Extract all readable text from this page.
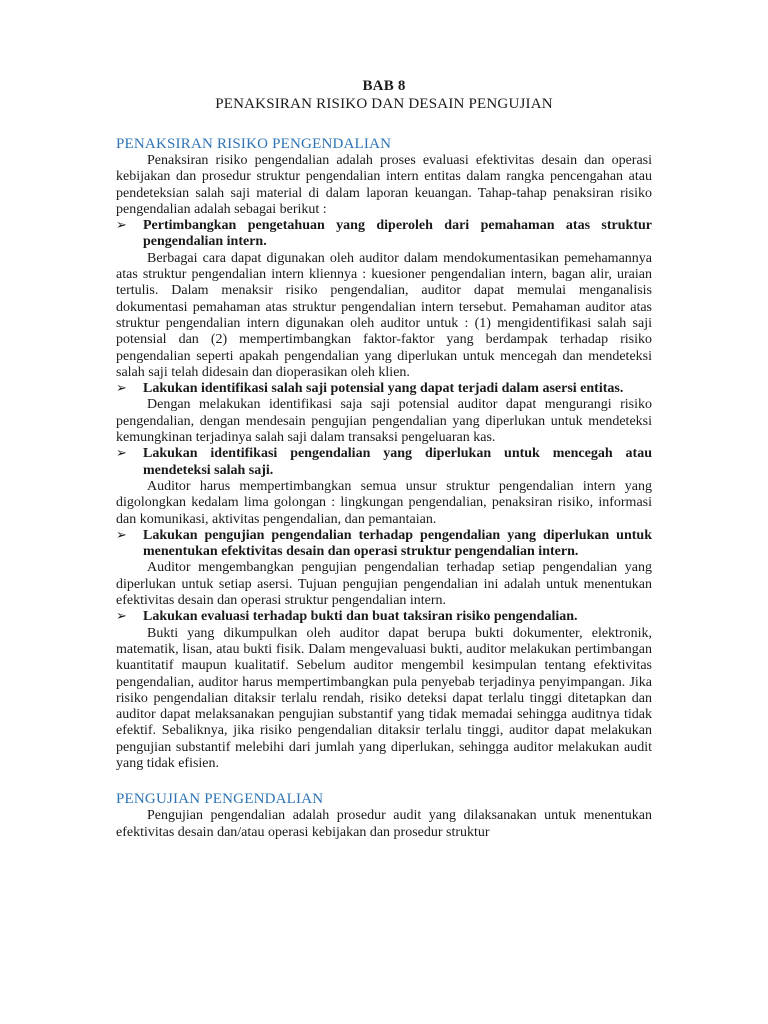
BAB 8
PENAKSIRAN RISIKO DAN DESAIN PENGUJIAN
PENAKSIRAN RISIKO PENGENDALIAN

Penaksiran risiko pengendalian adalah proses evaluasi efektivitas desain dan operasi kebijakan dan prosedur struktur pengendalian intern entitas dalam rangka pencengahan atau pendeteksian salah saji material di dalam laporan keuangan. Tahap-tahap penaksiran risiko pengendalian adalah sebagai berikut :

➢	Pertimbangkan pengetahuan yang diperoleh dari pemahaman atas struktur pengendalian intern.

Berbagai cara dapat digunakan oleh auditor dalam mendokumentasikan pemehamannya atas struktur pengendalian intern kliennya : kuesioner pengendalian intern, bagan alir, uraian tertulis. Dalam menaksir risiko pengendalian, auditor dapat memulai menganalisis dokumentasi pemahaman atas struktur pengendalian intern tersebut. Pemahaman auditor atas struktur pengendalian intern digunakan oleh auditor untuk : (1) mengidentifikasi salah saji potensial dan (2) mempertimbangkan faktor-faktor yang berdampak terhadap risiko pengendalian seperti apakah pengendalian yang diperlukan untuk mencegah dan mendeteksi salah saji telah didesain dan dioperasikan oleh klien.

➢	Lakukan identifikasi salah saji potensial yang dapat terjadi dalam asersi entitas.

Dengan melakukan identifikasi saja saji potensial auditor dapat mengurangi risiko pengendalian, dengan mendesain pengujian pengendalian yang diperlukan untuk mendeteksi kemungkinan terjadinya salah saji dalam transaksi pengeluaran kas.

➢	Lakukan identifikasi pengendalian yang diperlukan untuk mencegah atau mendeteksi salah saji.

Auditor harus mempertimbangkan semua unsur struktur pengendalian intern yang digolongkan kedalam lima golongan : lingkungan pengendalian, penaksiran risiko, informasi dan komunikasi, aktivitas pengendalian, dan pemantaian.

➢	Lakukan pengujian pengendalian terhadap pengendalian yang diperlukan untuk menentukan efektivitas desain dan operasi struktur pengendalian intern.

Auditor mengembangkan pengujian pengendalian terhadap setiap pengendalian yang diperlukan untuk setiap asersi. Tujuan pengujian pengendalian ini adalah untuk menentukan efektivitas desain dan operasi struktur pengendalian intern.

➢	Lakukan evaluasi terhadap bukti dan buat taksiran risiko pengendalian.

Bukti yang dikumpulkan oleh auditor dapat berupa bukti dokumenter, elektronik, matematik, lisan, atau bukti fisik. Dalam mengevaluasi bukti, auditor melakukan pertimbangan kuantitatif maupun kualitatif. Sebelum auditor mengembil kesimpulan tentang efektivitas pengendalian, auditor harus mempertimbangkan pula penyebab terjadinya penyimpangan. Jika risiko pengendalian ditaksir terlalu rendah, risiko deteksi dapat terlalu tinggi ditetapkan dan auditor dapat melaksanakan pengujian substantif yang tidak memadai sehingga auditnya tidak efektif. Sebaliknya, jika risiko pengendalian ditaksir terlalu tinggi, auditor dapat melakukan pengujian substantif melebihi dari jumlah yang diperlukan, sehingga auditor melakukan audit yang tidak efisien.

PENGUJIAN PENGENDALIAN

Pengujian pengendalian adalah prosedur audit yang dilaksanakan untuk menentukan efektivitas desain dan/atau operasi kebijakan dan prosedur struktur
